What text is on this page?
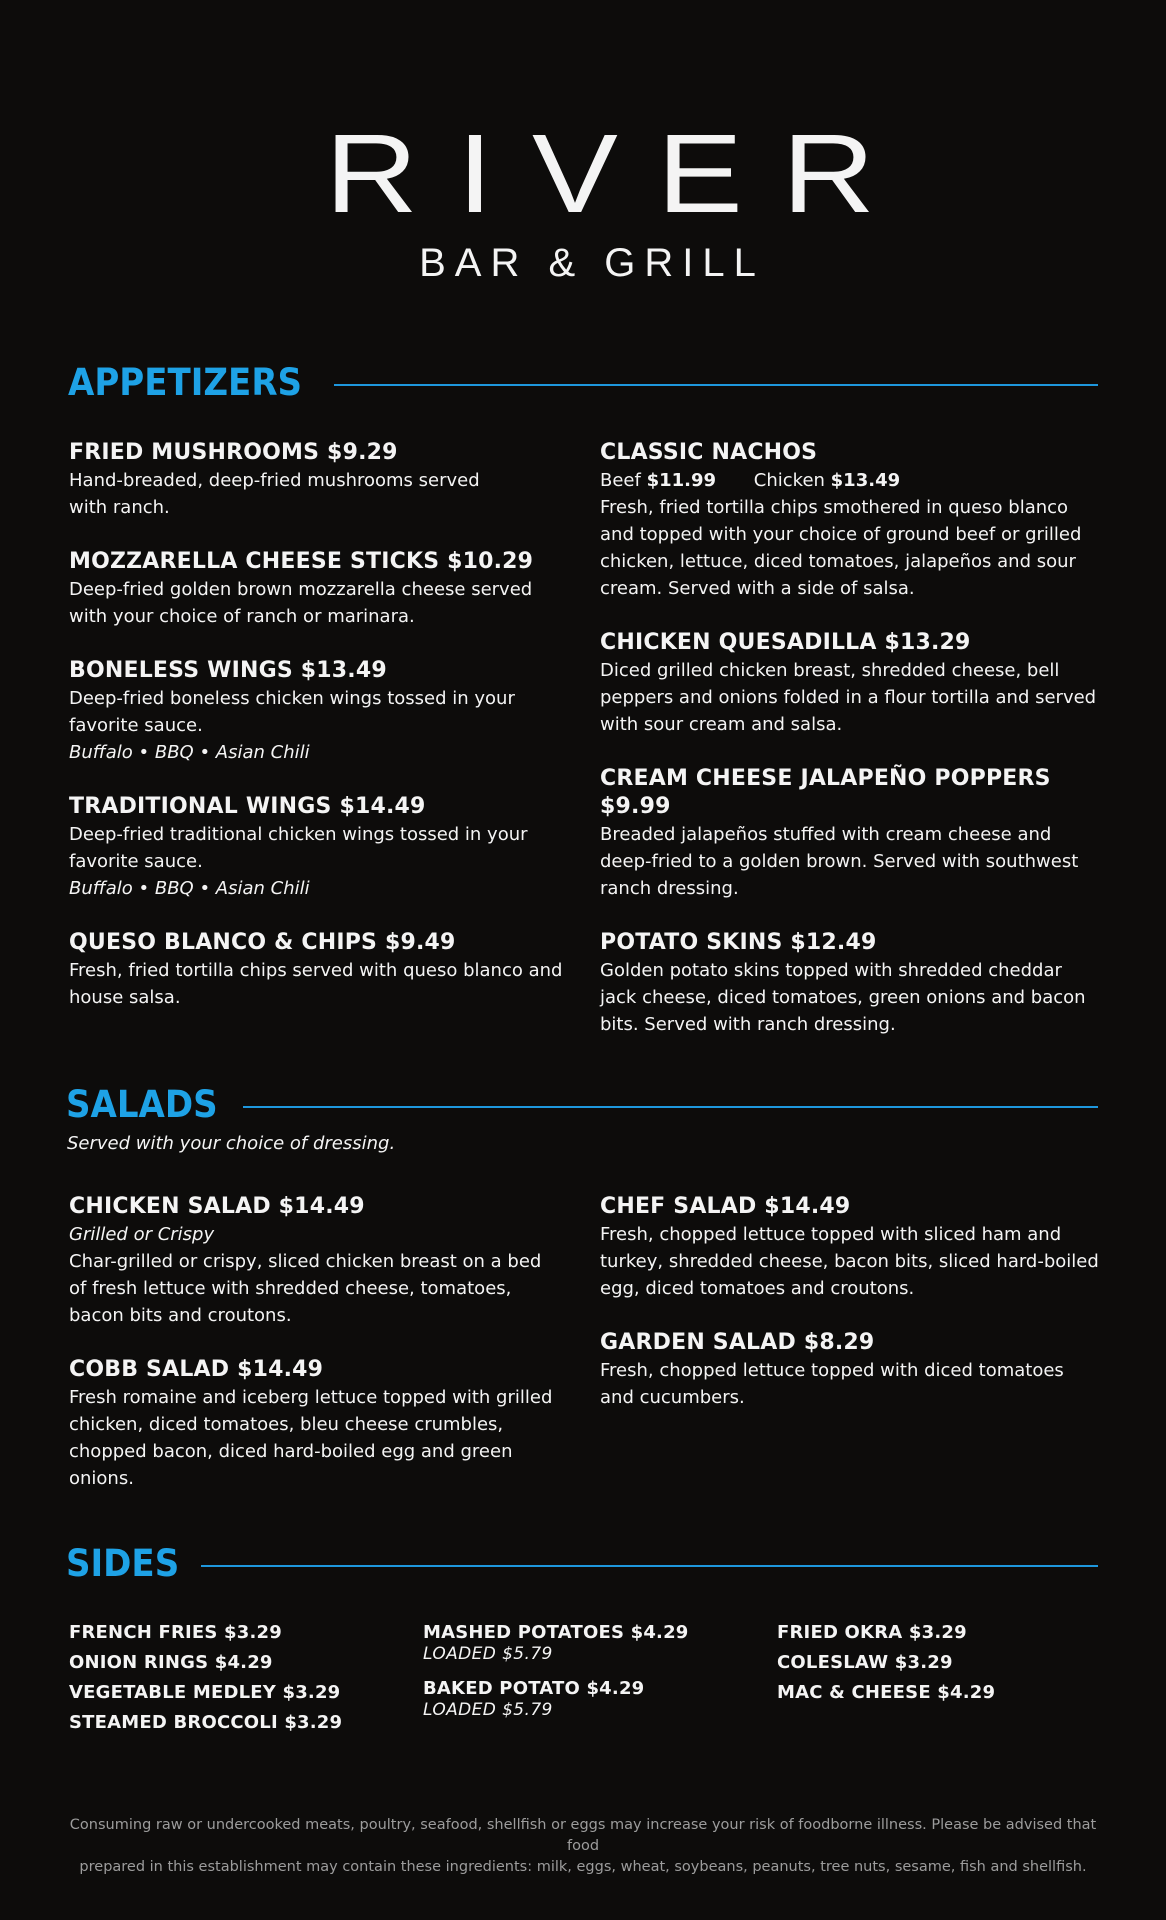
RIVER
BAR & GRILL
APPETIZERS
FRIED MUSHROOMS $9.29
Hand-breaded, deep-fried mushrooms served with ranch.
MOZZARELLA CHEESE STICKS $10.29
Deep-fried golden brown mozzarella cheese served with your choice of ranch or marinara.
BONELESS WINGS $13.49
Deep-fried boneless chicken wings tossed in your favorite sauce.
Buffalo • BBQ • Asian Chili
TRADITIONAL WINGS $14.49
Deep-fried traditional chicken wings tossed in your favorite sauce.
Buffalo • BBQ • Asian Chili
QUESO BLANCO & CHIPS $9.49
Fresh, fried tortilla chips served with queso blanco and house salsa.
CLASSIC NACHOS
Beef $11.99 Chicken $13.49
Fresh, fried tortilla chips smothered in queso blanco and topped with your choice of ground beef or grilled chicken, lettuce, diced tomatoes, jalapeños and sour cream. Served with a side of salsa.
CHICKEN QUESADILLA $13.29
Diced grilled chicken breast, shredded cheese, bell peppers and onions folded in a flour tortilla and served with sour cream and salsa.
CREAM CHEESE JALAPEÑO POPPERS $9.99
Breaded jalapeños stuffed with cream cheese and deep-fried to a golden brown. Served with southwest ranch dressing.
POTATO SKINS $12.49
Golden potato skins topped with shredded cheddar jack cheese, diced tomatoes, green onions and bacon bits. Served with ranch dressing.
SALADS
Served with your choice of dressing.
CHICKEN SALAD $14.49
Grilled or Crispy
Char-grilled or crispy, sliced chicken breast on a bed of fresh lettuce with shredded cheese, tomatoes, bacon bits and croutons.
COBB SALAD $14.49
Fresh romaine and iceberg lettuce topped with grilled chicken, diced tomatoes, bleu cheese crumbles, chopped bacon, diced hard-boiled egg and green onions.
CHEF SALAD $14.49
Fresh, chopped lettuce topped with sliced ham and turkey, shredded cheese, bacon bits, sliced hard-boiled egg, diced tomatoes and croutons.
GARDEN SALAD $8.29
Fresh, chopped lettuce topped with diced tomatoes and cucumbers.
SIDES
FRENCH FRIES $3.29
ONION RINGS $4.29
VEGETABLE MEDLEY $3.29
STEAMED BROCCOLI $3.29
MASHED POTATOES $4.29
LOADED $5.79
BAKED POTATO $4.29
LOADED $5.79
FRIED OKRA $3.29
COLESLAW $3.29
MAC & CHEESE $4.29
Consuming raw or undercooked meats, poultry, seafood, shellfish or eggs may increase your risk of foodborne illness. Please be advised that food
prepared in this establishment may contain these ingredients: milk, eggs, wheat, soybeans, peanuts, tree nuts, sesame, fish and shellfish.
